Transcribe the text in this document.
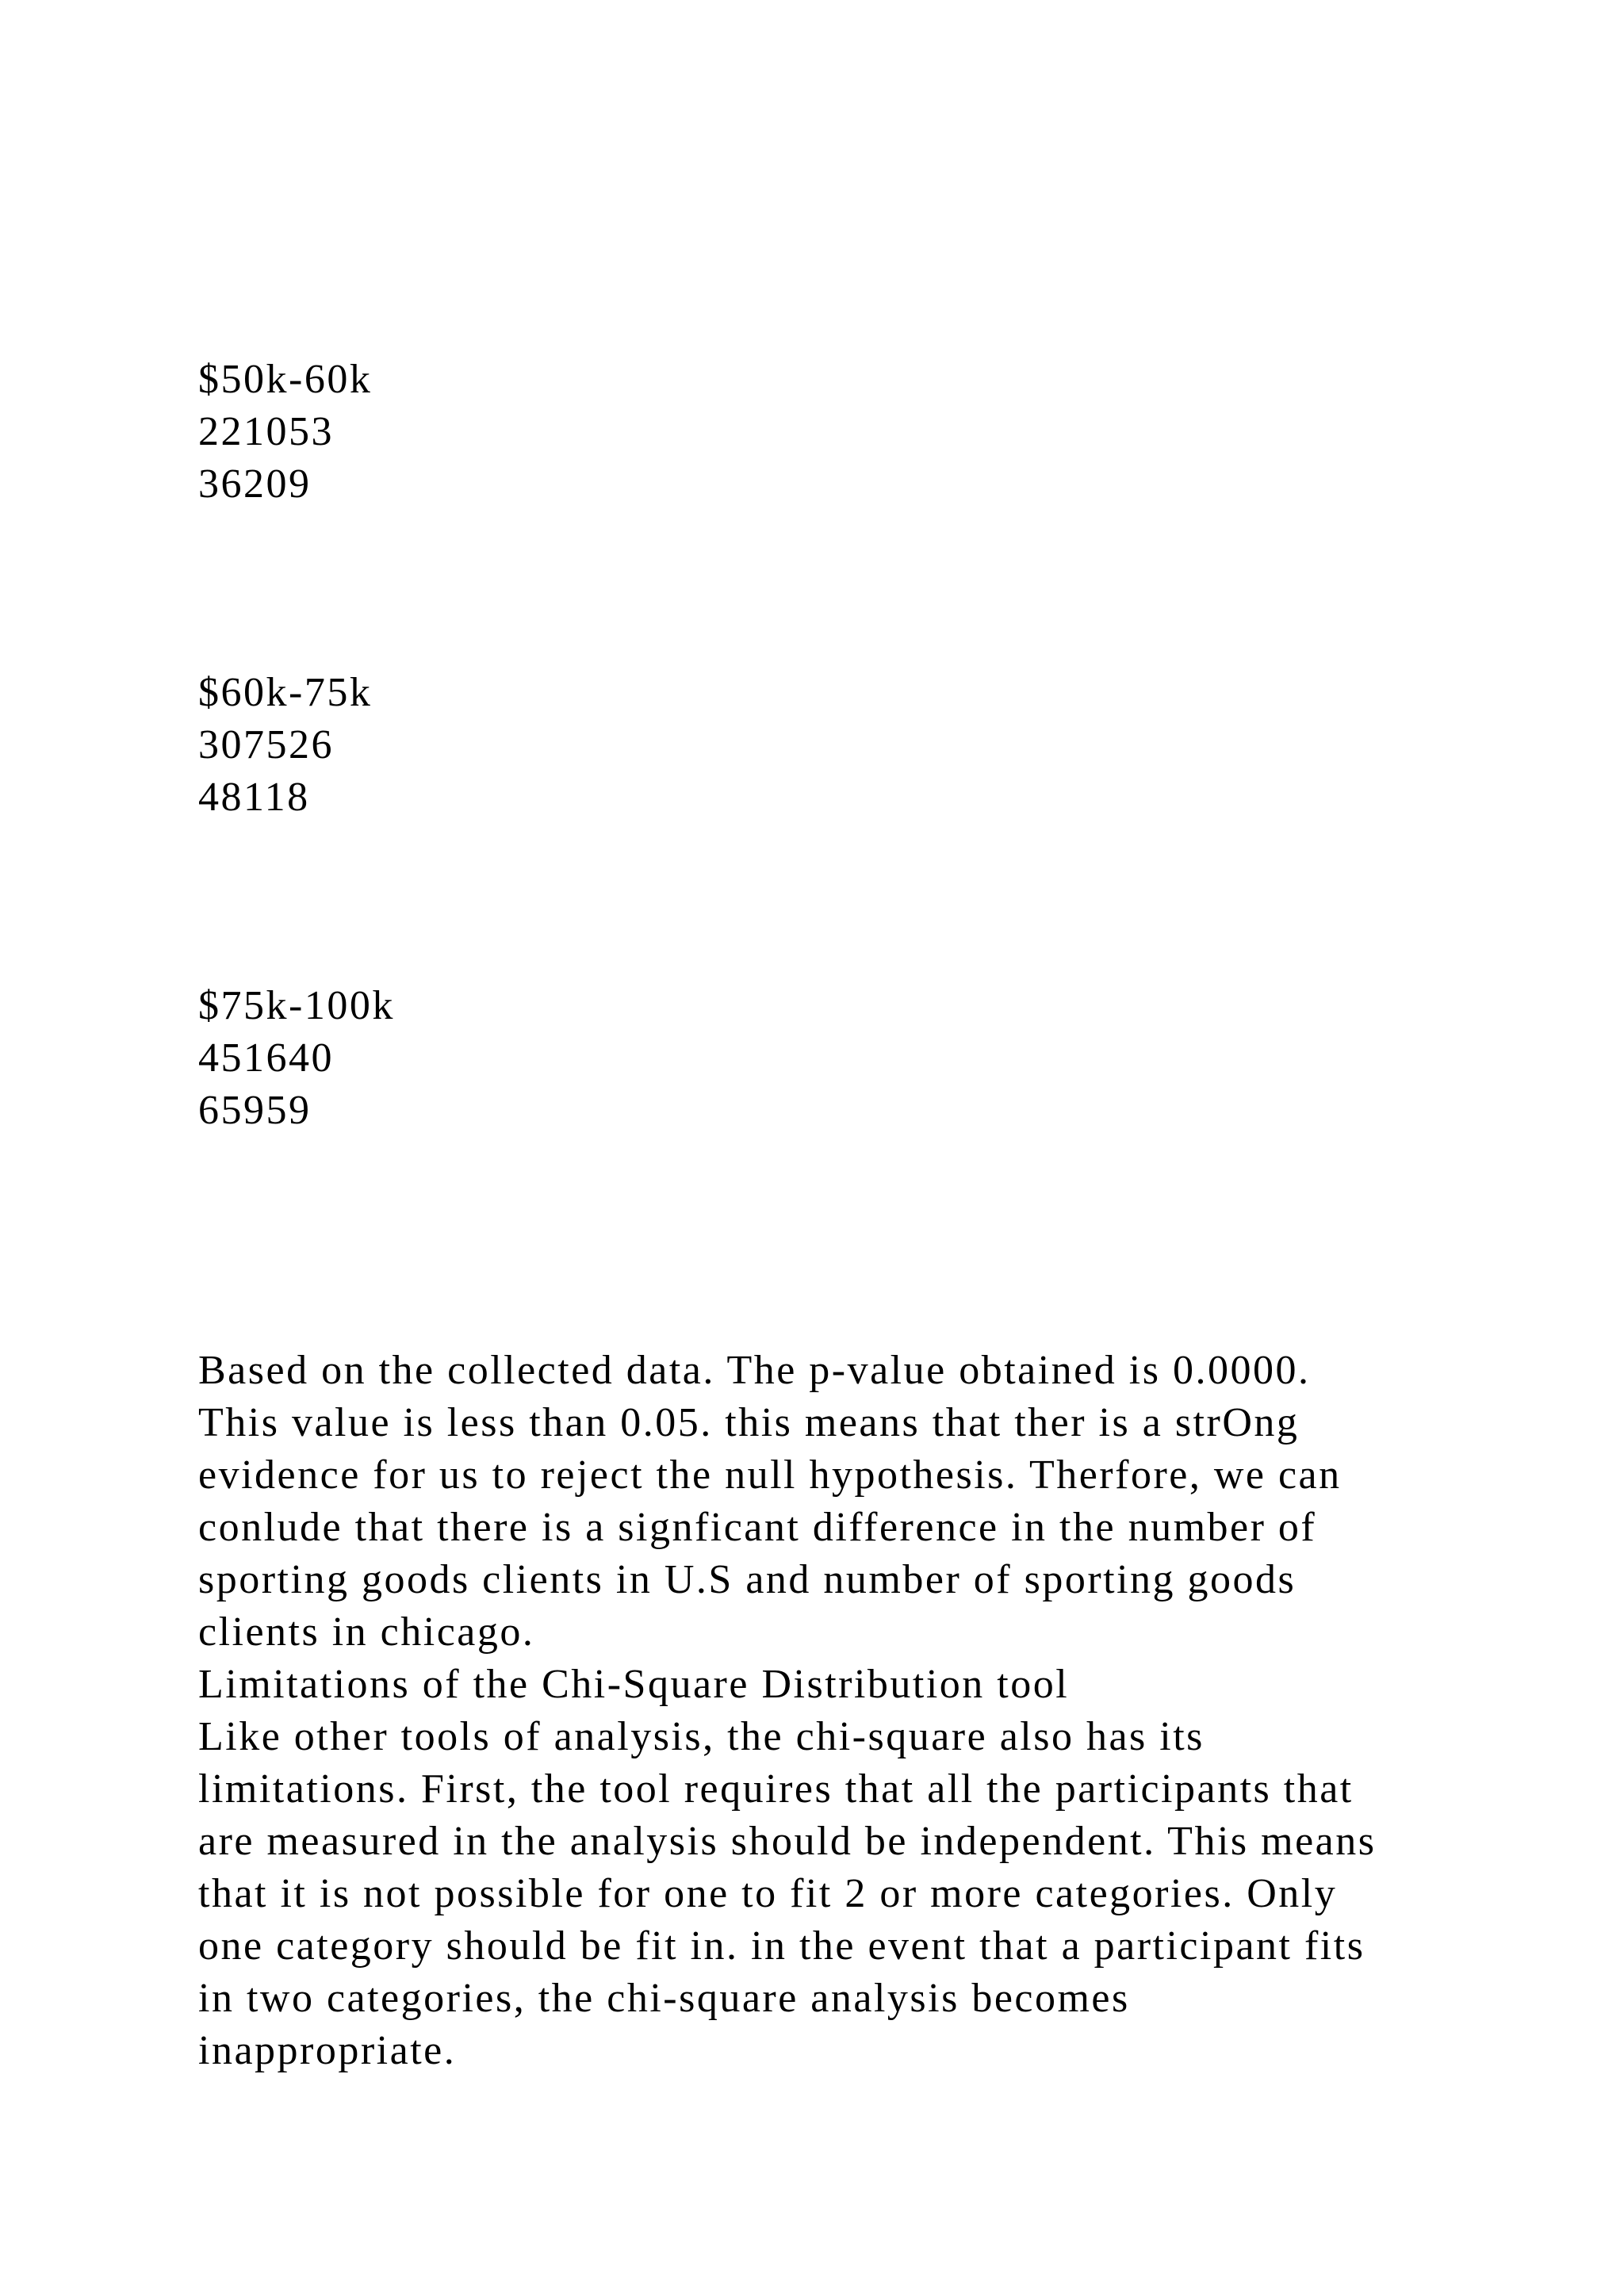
$50k-60k

221053

36209

$60k-75k

307526

48118

$75k-100k

451640

65959

Based on the collected data. The p-value obtained is 0.0000.

This value is less than 0.05. this means that ther is a strOng

evidence for us to reject the null hypothesis. Therfore, we can

conlude that there is a signficant difference in the number of

sporting goods clients in U.S and number of sporting goods

clients in chicago.

Limitations of the Chi-Square Distribution tool

Like other tools of analysis, the chi-square also has its

limitations. First, the tool requires that all the participants that

are measured in the analysis should be independent. This means

that it is not possible for one to fit 2 or more categories. Only

one category should be fit in. in the event that a participant fits

in two categories, the chi-square analysis becomes

inappropriate.
